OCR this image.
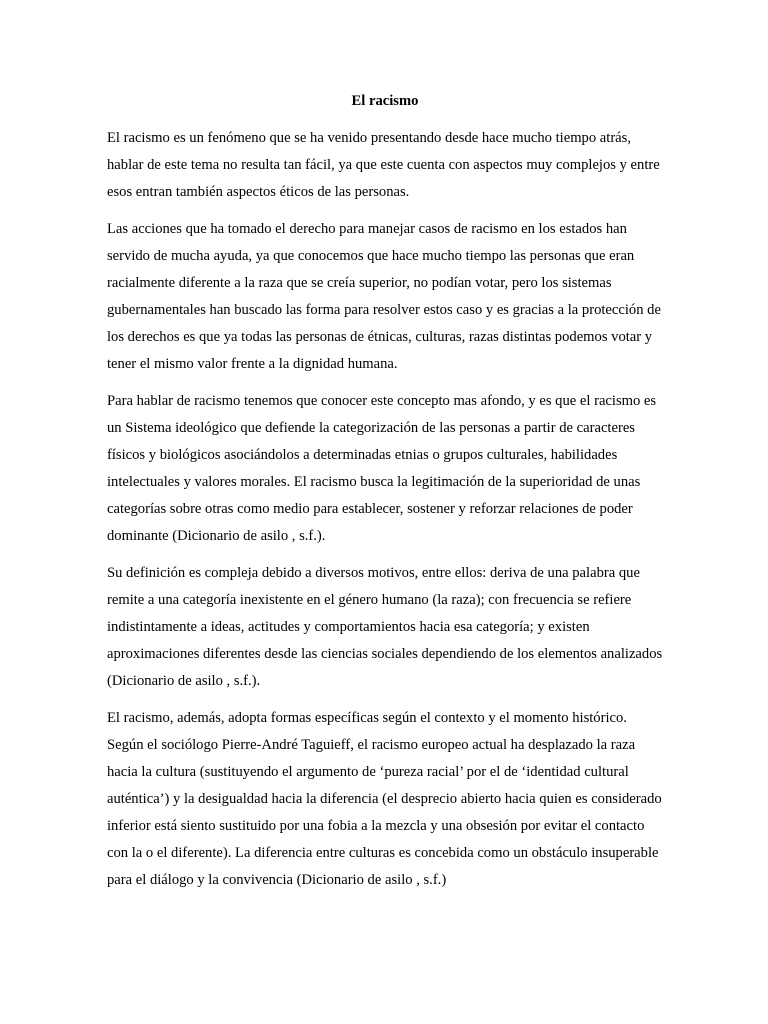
El racismo

El racismo es un fenómeno que se ha venido presentando desde hace mucho tiempo atrás, hablar de este tema no resulta tan fácil, ya que este cuenta con aspectos muy complejos y entre esos entran también aspectos éticos de las personas.

Las acciones que ha tomado el derecho para manejar casos de racismo en los estados han servido de mucha ayuda, ya que conocemos que hace mucho tiempo las personas que eran racialmente diferente a la raza que se creía superior, no podían votar, pero los sistemas gubernamentales han buscado las forma para resolver estos caso y es gracias a la protección de los derechos es que ya todas las personas de étnicas, culturas, razas distintas podemos votar y tener el mismo valor frente a la dignidad humana.

Para hablar de racismo tenemos que conocer este concepto mas afondo, y es que el racismo es un Sistema ideológico que defiende la categorización de las personas a partir de caracteres físicos y biológicos asociándolos a determinadas etnias o grupos culturales, habilidades intelectuales y valores morales. El racismo busca la legitimación de la superioridad de unas categorías sobre otras como medio para establecer, sostener y reforzar relaciones de poder dominante (Dicionario de asilo , s.f.).

Su definición es compleja debido a diversos motivos, entre ellos: deriva de una palabra que remite a una categoría inexistente en el género humano (la raza); con frecuencia se refiere indistintamente a ideas, actitudes y comportamientos hacia esa categoría; y existen aproximaciones diferentes desde las ciencias sociales dependiendo de los elementos analizados (Dicionario de asilo , s.f.).

El racismo, además, adopta formas específicas según el contexto y el momento histórico. Según el sociólogo Pierre-André Taguieff, el racismo europeo actual ha desplazado la raza hacia la cultura (sustituyendo el argumento de ‘pureza racial’ por el de ‘identidad cultural auténtica’) y la desigualdad hacia la diferencia (el desprecio abierto hacia quien es considerado inferior está siento sustituido por una fobia a la mezcla y una obsesión por evitar el contacto con la o el diferente). La diferencia entre culturas es concebida como un obstáculo insuperable para el diálogo y la convivencia (Dicionario de asilo , s.f.)
